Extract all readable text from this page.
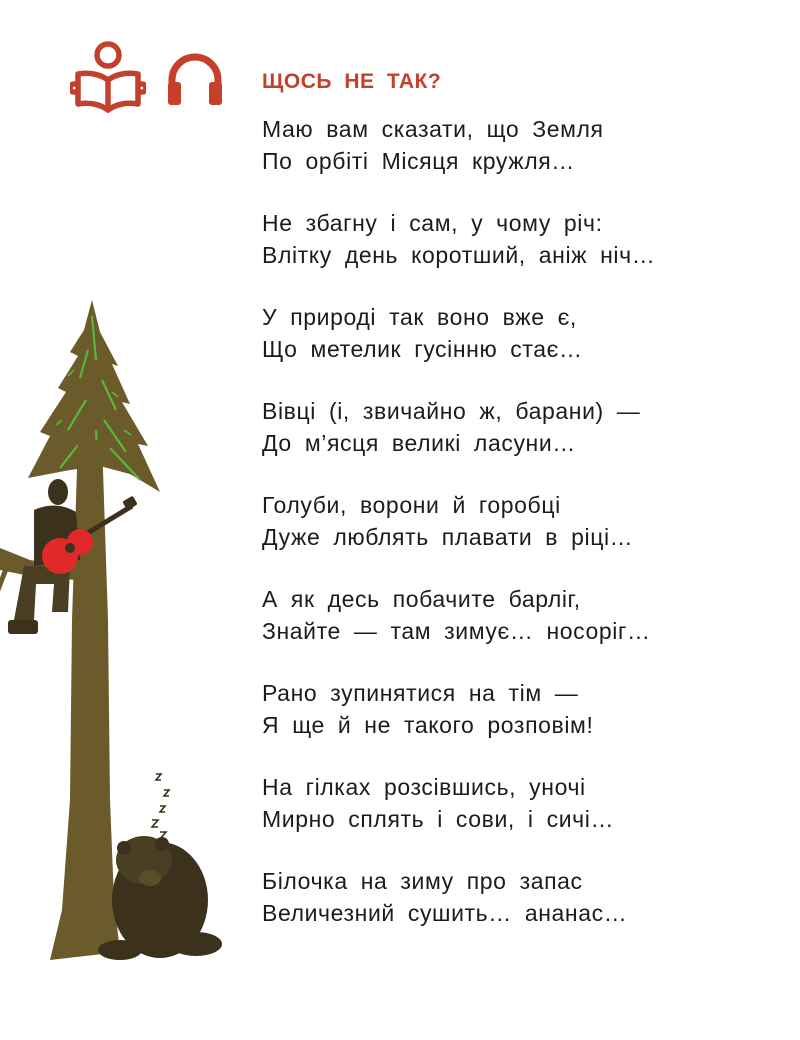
ЩОСЬ НЕ ТАК?
Маю вам сказати, що Земля
По орбіті Місяця кружля…
Не збагну і сам, у чому річ:
Влітку день коротший, аніж ніч…
У природі так воно вже є,
Що метелик гусінню стає…
Вівці (і, звичайно ж, барани) —
До м’ясця великі ласуни…
Голуби, ворони й горобці
Дуже люблять плавати в ріці…
А як десь побачите барліг,
Знайте — там зимує… носоріг…
Рано зупинятися на тім —
Я ще й не такого розповім!
На гілках розсівшись, уночі
Мирно сплять і сови, і сичі…
Білочка на зиму про запас
Величезний сушить… ананас…
